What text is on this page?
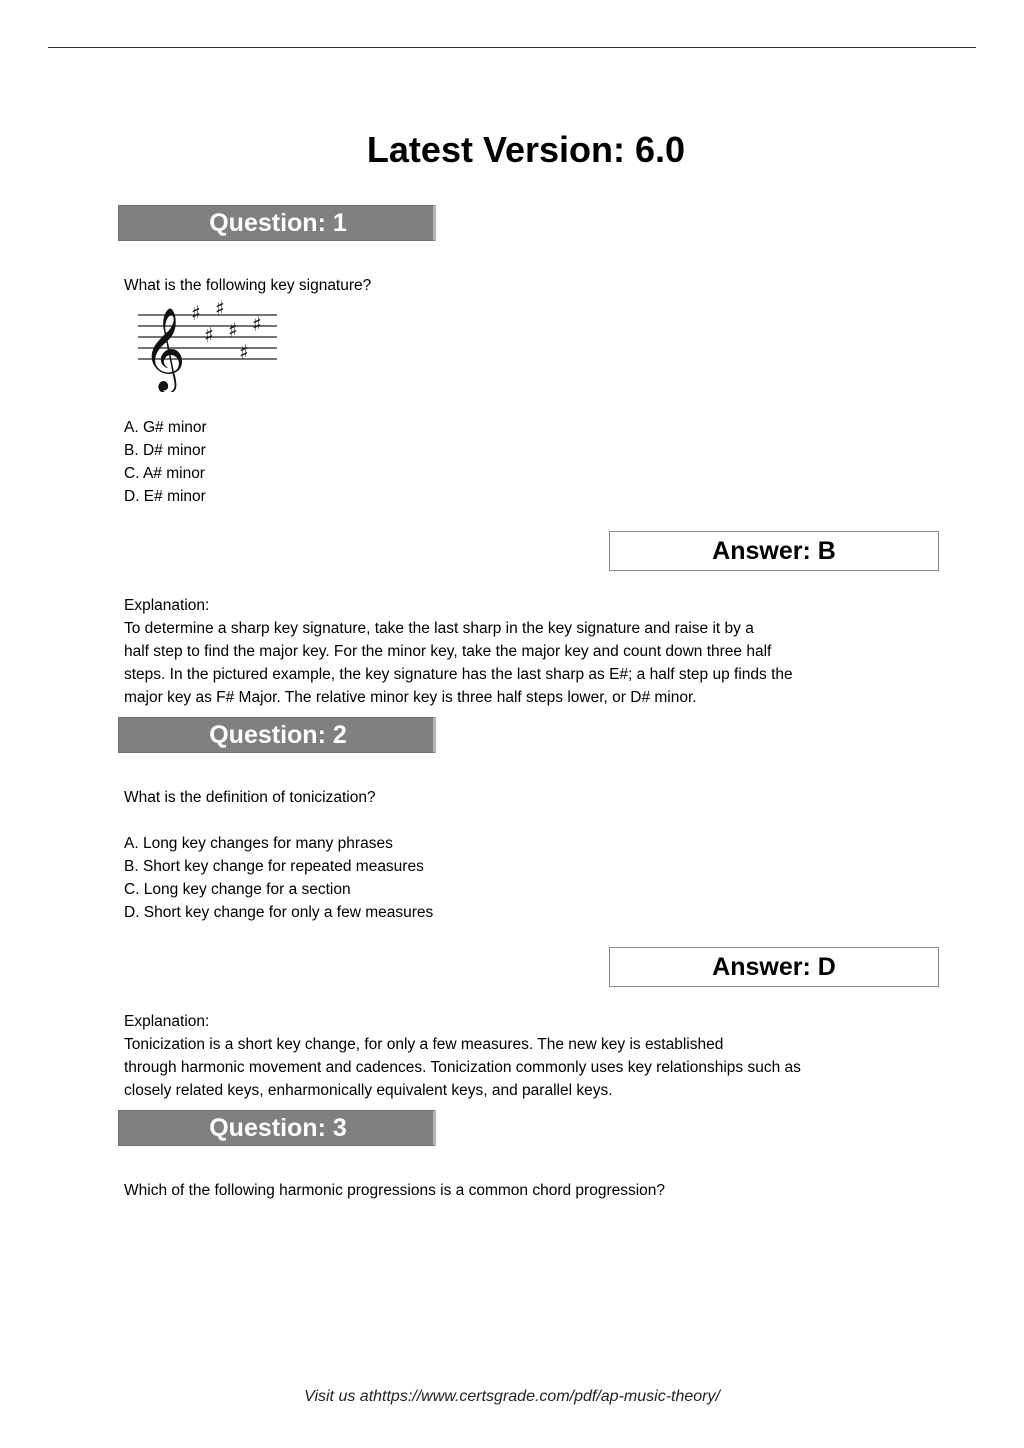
Latest Version: 6.0
Question: 1
What is the following key signature?
𝄞 ♯
♯
♯
♯
♯
♯
A. G# minor
B. D# minor
C. A# minor
D. E# minor
Answer: B
Explanation:
To determine a sharp key signature, take the last sharp in the key signature and raise it by a
half step to find the major key. For the minor key, take the major key and count down three half
steps. In the pictured example, the key signature has the last sharp as E#; a half step up finds the
major key as F# Major. The relative minor key is three half steps lower, or D# minor.
Question: 2
What is the definition of tonicization?
A. Long key changes for many phrases
B. Short key change for repeated measures
C. Long key change for a section
D. Short key change for only a few measures
Answer: D
Explanation:
Tonicization is a short key change, for only a few measures. The new key is established
through harmonic movement and cadences. Tonicization commonly uses key relationships such as
closely related keys, enharmonically equivalent keys, and parallel keys.
Question: 3
Which of the following harmonic progressions is a common chord progression?
Visit us athttps://www.certsgrade.com/pdf/ap-music-theory/
